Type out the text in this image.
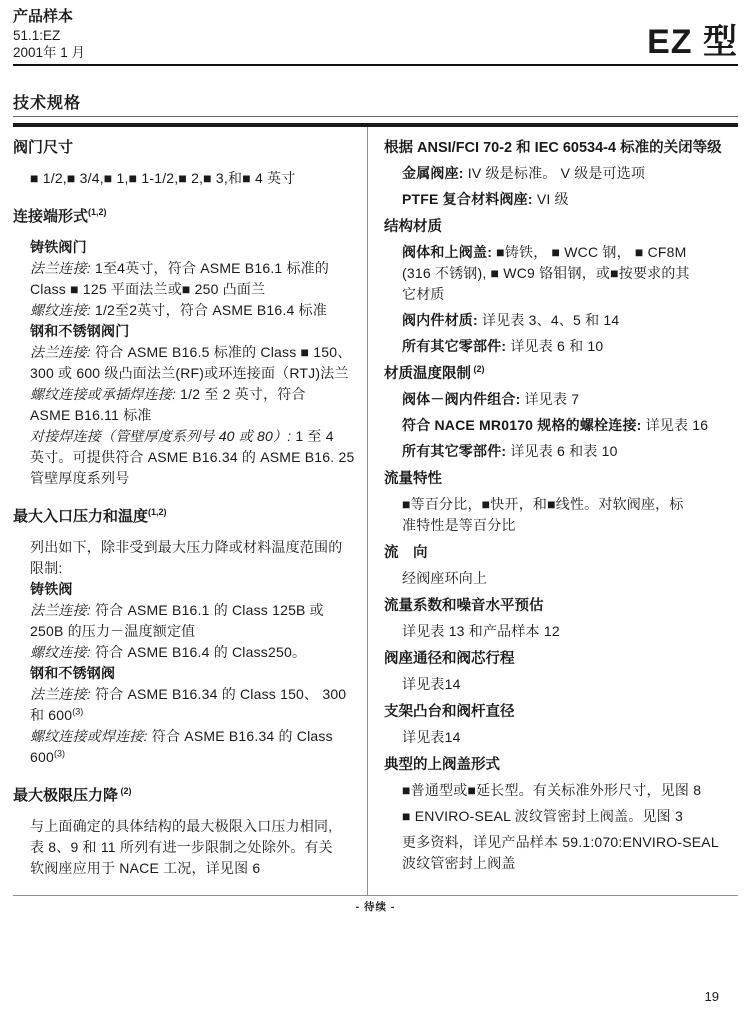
产品样本
51.1:EZ
2001年 1 月	EZ 型
技术规格
阀门尺寸
■ 1/2,■ 3/4,■ 1,■ 1-1/2,■ 2,■ 3,和■ 4 英寸
连接端形式$^{(1,2)}$
铸铁阀门
法兰连接: 1至4英寸，符合 ASME B16.1 标准的
Class ■ 125 平面法兰或■ 250 凸面兰
螺纹连接: 1/2至2英寸，符合 ASME B16.4 标准
钢和不锈钢阀门
法兰连接: 符合 ASME B16.5 标准的 Class ■ 150、
300 或 600 级凸面法兰(RF)或环连接面（RTJ)法兰
螺纹连接或承插焊连接: 1/2 至 2 英寸，符合
ASME B16.11 标准
对接焊连接（管壁厚度系列号 40 或 80）: 1 至 4
英寸。可提供符合 ASME B16.34 的 ASME B16. 25
管壁厚度系列号
最大入口压力和温度$^{(1,2)}$
列出如下，除非受到最大压力降或材料温度范围的
限制:
铸铁阀
法兰连接: 符合 ASME B16.1 的 Class 125B 或
250B 的压力－温度额定值
螺纹连接: 符合 ASME B16.4 的 Class250。
钢和不锈钢阀
法兰连接: 符合 ASME B16.34 的 Class 150、 300
和 600$^{(3)}$
螺纹连接或焊连接: 符合 ASME B16.34 的 Class
600$^{(3)}$
最大极限压力降 $^{(2)}$
与上面确定的具体结构的最大极限入口压力相同,
表 8、9 和 11 所列有进一步限制之处除外。有关
软阀座应用于 NACE 工况，详见图 6
根据 ANSI/FCI 70-2 和 IEC 60534-4 标准的关闭等级
金属阀座: IV 级是标准。 V 级是可选项
PTFE 复合材料阀座: VI 级
结构材质
阀体和上阀盖: ■铸铁， ■ WCC 钢， ■ CF8M
(316 不锈钢), ■ WC9 铬钼钢，或■按要求的其
它材质
阀内件材质: 详见表 3、4、5 和 14
所有其它零部件: 详见表 6 和 10
材质温度限制 $^{(2)}$
阀体－阀内件组合: 详见表 7
符合 NACE MR0170 规格的螺栓连接: 详见表 16
所有其它零部件: 详见表 6 和表 10
流量特性
■等百分比，■快开，和■线性。对软阀座，标
准特性是等百分比
流　向
经阀座环向上
流量系数和噪音水平预估
详见表 13 和产品样本 12
阀座通径和阀芯行程
详见表14
支架凸台和阀杆直径
详见表14
典型的上阀盖形式
■普通型或■延长型。有关标准外形尺寸，见图 8
■ ENVIRO-SEAL 波纹管密封上阀盖。见图 3
更多资料，详见产品样本 59.1:070:ENVIRO-SEAL
波纹管密封上阀盖
- 待续 -
19
